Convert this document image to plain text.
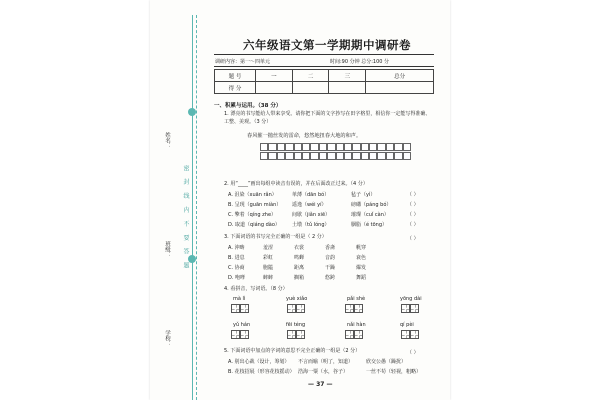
密 封 线 内 不 要 答 题
姓名：
班级：
学校：
六年级语文第一学期期中调研卷
调研内容：第一～四单元	时间:90 分钟 总分:100 分
题 号	一	二	三	总分
得 分				
一、积累与运用。（38 分）
1. 漂亮的书写能给人带来享受。请你把下面的文字抄写在田字格里，相信你一定能写得准确、工整、美观。（3 分）
春风催一抛丝发的雷命，悠然地扭春大地的和声。
2. 用“____”画出每组中读音有误的，并在后面改正过来。（4 分）
A. 沮染（xuān rǎn）	单薄（dān bó）	毡子（yì）	（ ）
B. 呈现（guān miàn） 遥逸（wéi yí）	磅礴（páng bó）	（ ）
C. 擎着（qíng zhe）	间歇（jiǎn xiē）	璀璨（cuǐ càn）	（ ）
D. 取道（qiáng dào） 土墩（tǔ lóng）	胭脂（é tōng）	（ ）
3. 下面词语的书写完全正确的一组是（ 2 分）	（ ）
A. 沖畴	羞涩	衣裳	香斋	帆穿
B. 进息	彩虹	鸣蝉	音韵	衰色
C. 协商	胞隘	距离	干躁	爆发
D. 咆哮	蟀蟀	搁箱	悠跨	舞蹈
4. 看拼音，写词语。（8 分）
mà lì	yuè xiǎo	pǎi shè	yōng dài
yǔ hán	fēi téng	nǎi hàn	qí pèi
5. 下面词语中加点的字词的意思不完全正确的一组是（2 分）	（ ）
A. 别出心裁（设计，筹划） 不言而喻（明了，知道）	欣交公愚（躁扰）
B. 花枝招展（形容花枝摇动） 浩海一粟（水，谷子）	一丝不苟（轻视，粗略）
— 37 —
